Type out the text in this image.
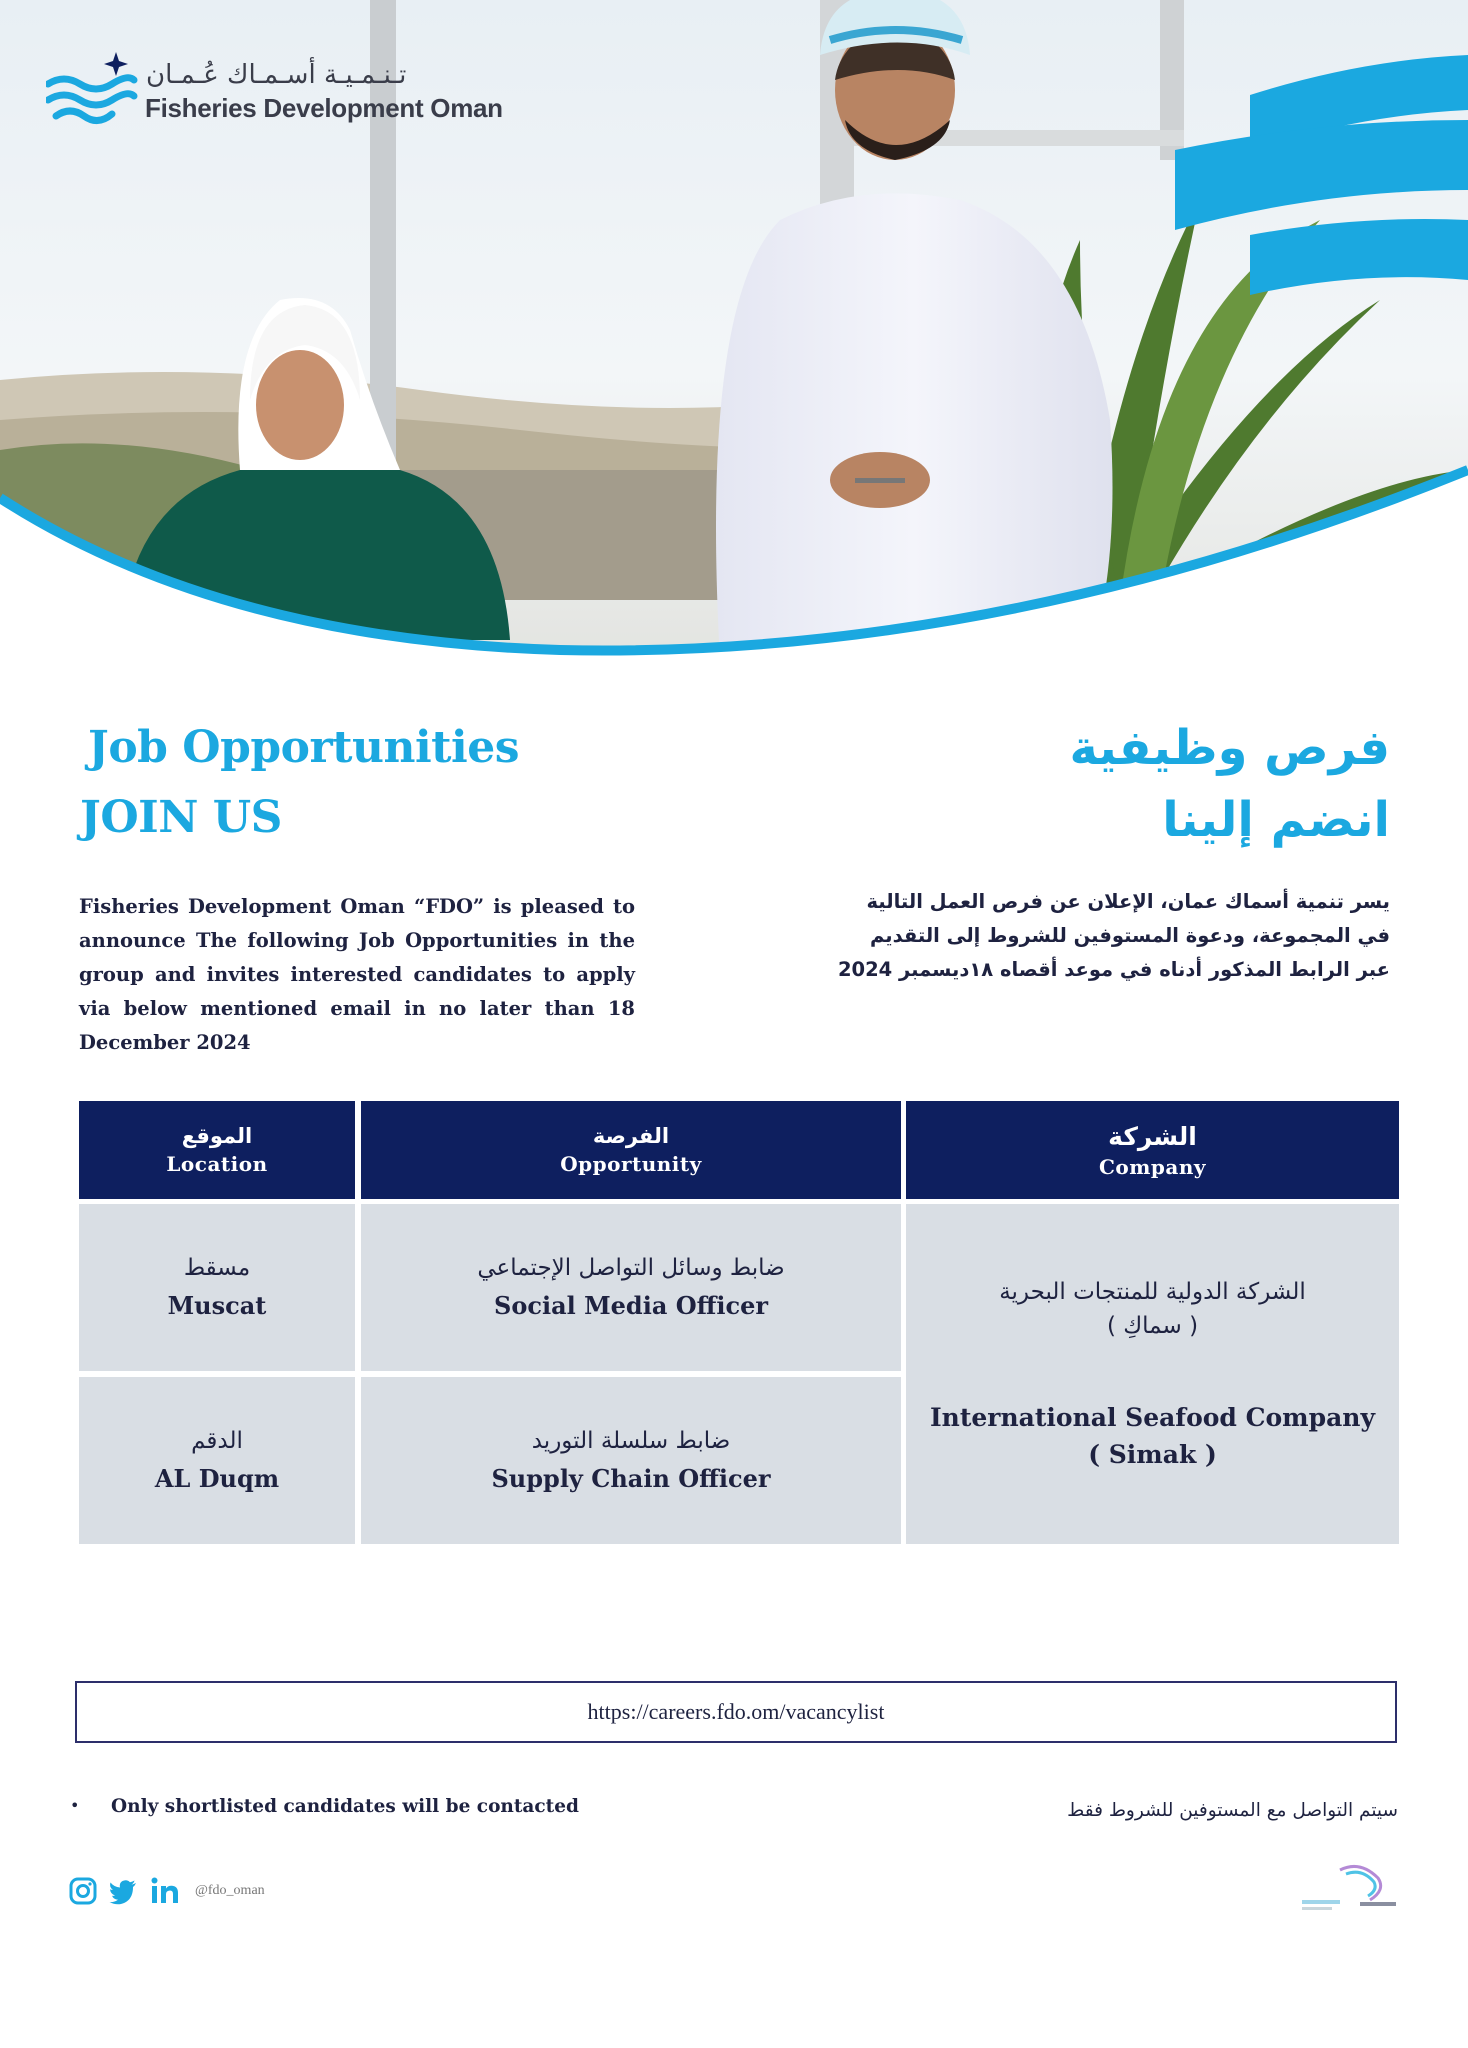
تـنـمـيـة أسـمـاك عُـمـان
Fisheries Development Oman
Job Opportunities
JOIN US
فرص وظيفية
انضم إلينا
Fisheries Development Oman “FDO” is pleased to announce The following Job Opportunities in the group and invites interested candidates to apply via below mentioned email in no later than 18 December 2024
يسر تنمية أسماك عمان، الإعلان عن فرص العمل التالية في المجموعة، ودعوة المستوفين للشروط إلى التقديم عبر الرابط المذكور أدناه في موعد أقصاه ١٨ديسمبر 2024
الموقع
Location
الفرصة
Opportunity
الشركة
Company
مسقط
Muscat
ضابط وسائل التواصل الإجتماعي
Social Media Officer
الدقم
AL Duqm
ضابط سلسلة التوريد
Supply Chain Officer
الشركة الدولية للمنتجات البحرية
( سماكِ )
International Seafood Company
( Simak )
https://careers.fdo.om/vacancylist
• Only shortlisted candidates will be contacted	سيتم التواصل مع المستوفين للشروط فقط
@fdo_oman
